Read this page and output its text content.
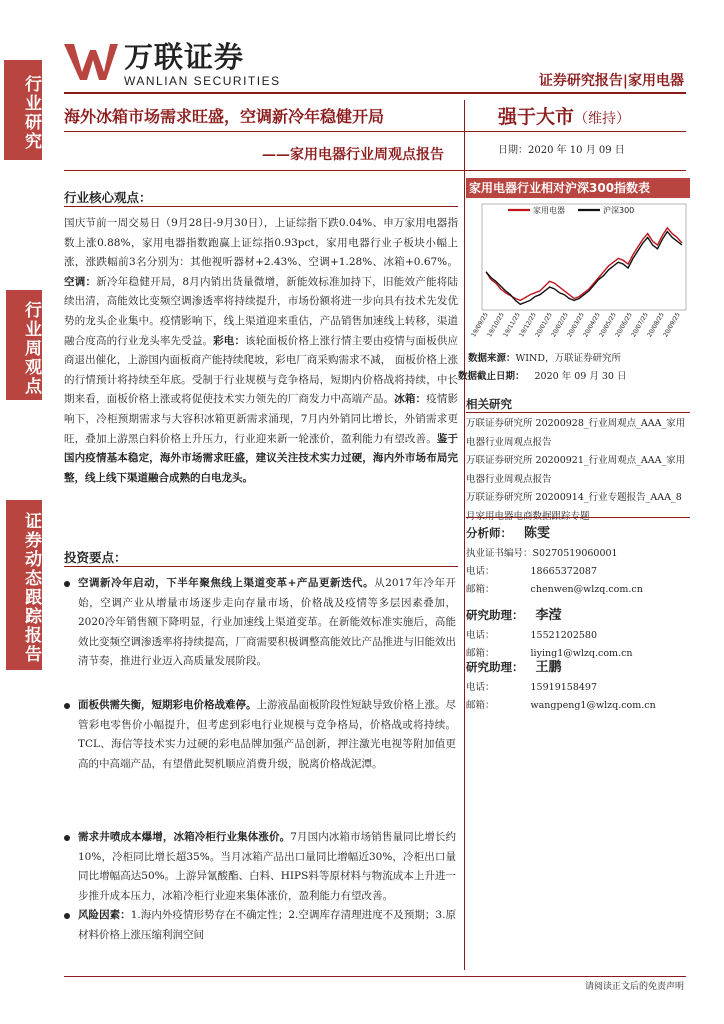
万联证券
WANLIAN SECURITIES	证券研究报告|家用电器
行业研究
行业周观点
证券动态跟踪报告
海外冰箱市场需求旺盛，空调新冷年稳健开局
——家用电器行业周观点报告
强于大市（维持）
日期：2020 年 10 月 09 日
行业核心观点：
国庆节前一周交易日（9月28日-9月30日），上证综指下跌0.04%、申万家用电器指数上涨0.88%，家用电器指数跑赢上证综指0.93pct，家用电器行业子板块小幅上涨，涨跌幅前3名分别为：其他视听器材+2.43%、空调+1.28%、冰箱+0.67%。空调：新冷年稳健开局，8月内销出货量微增，新能效标准加持下，旧能效产能将陆续出清，高能效比变频空调渗透率将持续提升，市场份额将进一步向具有技术先发优势的龙头企业集中。疫情影响下，线上渠道迎来重估，产品销售加速线上转移，渠道融合度高的行业龙头率先受益。彩电：该轮面板价格上涨行情主要由疫情与面板供应商退出催化，上游国内面板商产能持续爬坡，彩电厂商采购需求不减， 面板价格上涨的行情预计将持续至年底。受制于行业规模与竞争格局，短期内价格战将持续，中长期来看，面板价格上涨或将促使技术实力领先的厂商发力中高端产品。冰箱：疫情影响下，冷柜预期需求与大容积冰箱更新需求涌现，7月内外销同比增长，外销需求更旺，叠加上游黑白料价格上升压力，行业迎来新一轮涨价，盈利能力有望改善。鉴于国内疫情基本稳定，海外市场需求旺盛，建议关注技术实力过硬，海内外市场布局完整，线上线下渠道融合成熟的白电龙头。
投资要点：
空调新冷年启动，下半年聚焦线上渠道变革+产品更新迭代。从2017年冷年开始，空调产业从增量市场逐步走向存量市场，价格战及疫情等多层因素叠加，2020冷年销售额下降明显，行业加速线上渠道变革。在新能效标准实施后，高能效比变频空调渗透率将持续提高，厂商需要积极调整高能效比产品推进与旧能效出清节奏，推进行业迈入高质量发展阶段。
面板供需失衡，短期彩电价格战难停。上游液晶面板阶段性短缺导致价格上涨。尽管彩电零售价小幅提升，但考虑到彩电行业规模与竞争格局，价格战或将持续。TCL、海信等技术实力过硬的彩电品牌加强产品创新，押注激光电视等附加值更高的中高端产品，有望借此契机顺应消费升级，脱离价格战泥潭。
需求井喷成本爆增，冰箱冷柜行业集体涨价。7月国内冰箱市场销售量同比增长约10%，冷柜同比增长超35%。当月冰箱产品出口量同比增幅近30%，冷柜出口量同比增幅高达50%。上游异氰酸酯、白料、HIPS料等原材料与物流成本上升进一步推升成本压力，冰箱冷柜行业迎来集体涨价，盈利能力有望改善。
风险因素：1.海内外疫情形势存在不确定性；2.空调库存清理进度不及预期；3.原材料价格上涨压缩利润空间
家用电器行业相对沪深300指数表
家用电器	沪深300
19/09/25
19/10/25
19/11/25
19/12/25
20/01/25
20/02/25
20/03/25
20/04/25
20/05/25
20/06/25
20/07/25
20/08/25
20/09/25
数据来源：WIND，万联证券研究所
数据截止日期： 2020 年 09 月 30 日
相关研究
万联证券研究所 20200928_行业周观点_AAA_家用电器行业周观点报告
万联证券研究所 20200921_行业周观点_AAA_家用电器行业周观点报告
万联证券研究所 20200914_行业专题报告_AAA_8月家用电器电商数据跟踪专题
分析师： 陈雯
执业证书编号：S0270519060001
电话：	18665372087
邮箱：	chenwen@wlzq.com.cn
研究助理： 李滢
电话：	15521202580
邮箱：	liying1@wlzq.com.cn
研究助理： 王鹏
电话：	15919158497
邮箱：	wangpeng1@wlzq.com.cn
请阅读正文后的免责声明
